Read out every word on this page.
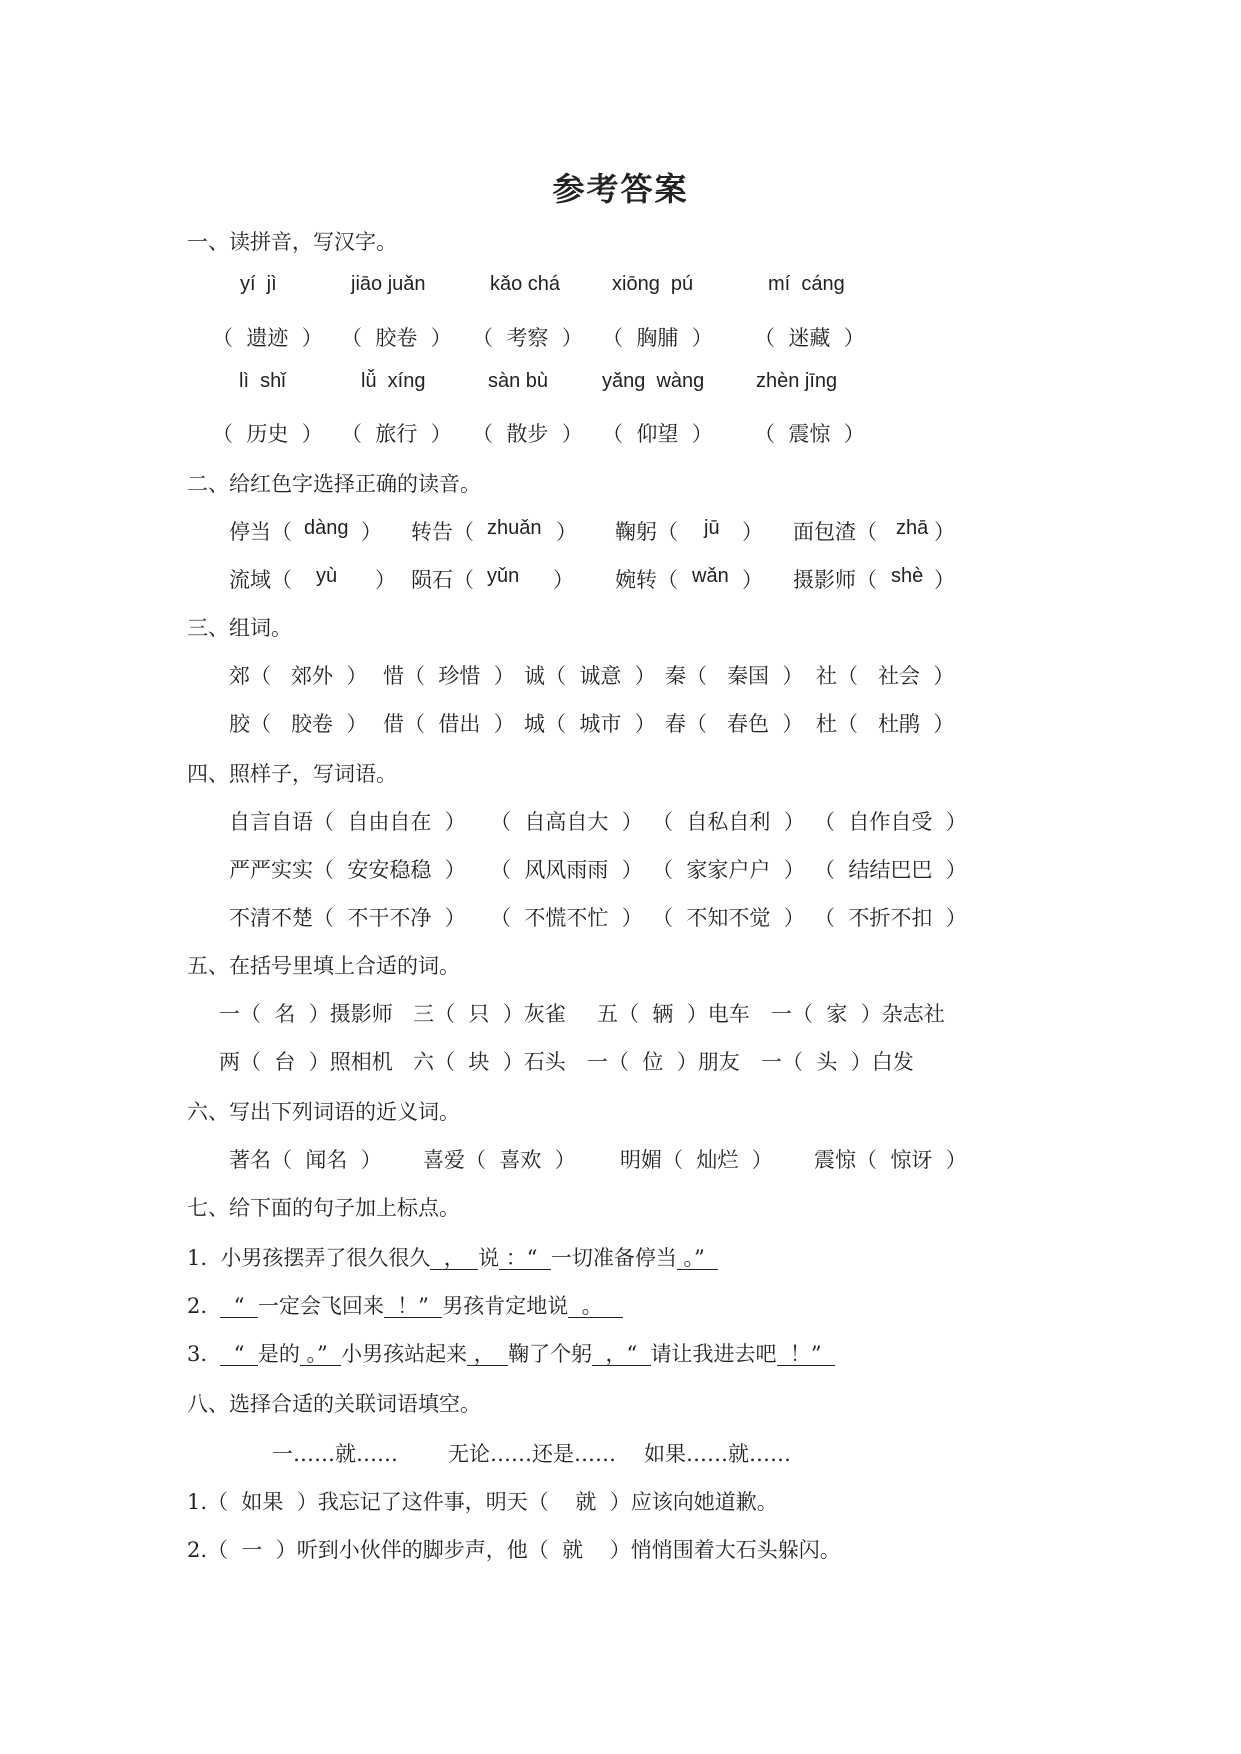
参考答案
一、读拼音，写汉字。
yí  jì	jiāo juǎn	kǎo chá	xiōng  pú	mí  cáng
（  遗迹  ） （  胶卷  ） （  考察  ） （  胸脯  ） （  迷藏  ）
lì  shǐ	lǚ  xíng	sàn bù	yǎng  wàng	zhèn jīng
（  历史  ） （  旅行  ） （  散步  ） （  仰望  ） （  震惊  ）
二、给红色字选择正确的读音。
停当（ dàng ） 转告（ zhuǎn ） 鞠躬（ jū ） 面包渣（ zhā ）
流域（ yù ） 陨石（ yǔn ） 婉转（ wǎn ） 摄影师（ shè ）
三、组词。
郊（   郊外  ） 惜（  珍惜  ） 诚（  诚意  ） 秦（   秦国  ） 社（   社会  ）
胶（   胶卷  ） 借（  借出  ） 城（  城市  ） 春（   春色  ） 杜（   杜鹃  ）
四、照样子，写词语。
自言自语（  自由自在  ） （  自高自大  ） （  自私自利  ） （  自作自受  ）
严严实实（  安安稳稳  ） （  风风雨雨  ） （  家家户户  ） （  结结巴巴  ）
不清不楚（  不干不净  ） （  不慌不忙  ） （  不知不觉  ） （  不折不扣  ）
五、在括号里填上合适的词。
一（  名  ）摄影师 三（  只  ）灰雀 五（  辆  ）电车 一（  家  ）杂志社
两（  台  ）照相机 六（  块  ）石头 一（  位  ）朋友 一（  头  ）白发
六、写出下列词语的近义词。
著名（  闻名  ） 喜爱（  喜欢  ） 明媚（  灿烂  ） 震惊（  惊讶  ）
七、给下面的句子加上标点。
1.  小男孩摆弄了很久很久  ，  说 ：“  一切准备停当 。”
2.    “  一定会飞回来  ！”  男孩肯定地说  。
3.    “  是的 。”  小男孩站起来 ，  鞠了个躬  ，“  请让我进去吧  ！”
八、选择合适的关联词语填空。
一……就…… 无论……还是…… 如果……就……
1.（  如果  ）我忘记了这件事，明天（    就  ）应该向她道歉。
2.（  一  ）听到小伙伴的脚步声，他（  就    ）悄悄围着大石头躲闪。
